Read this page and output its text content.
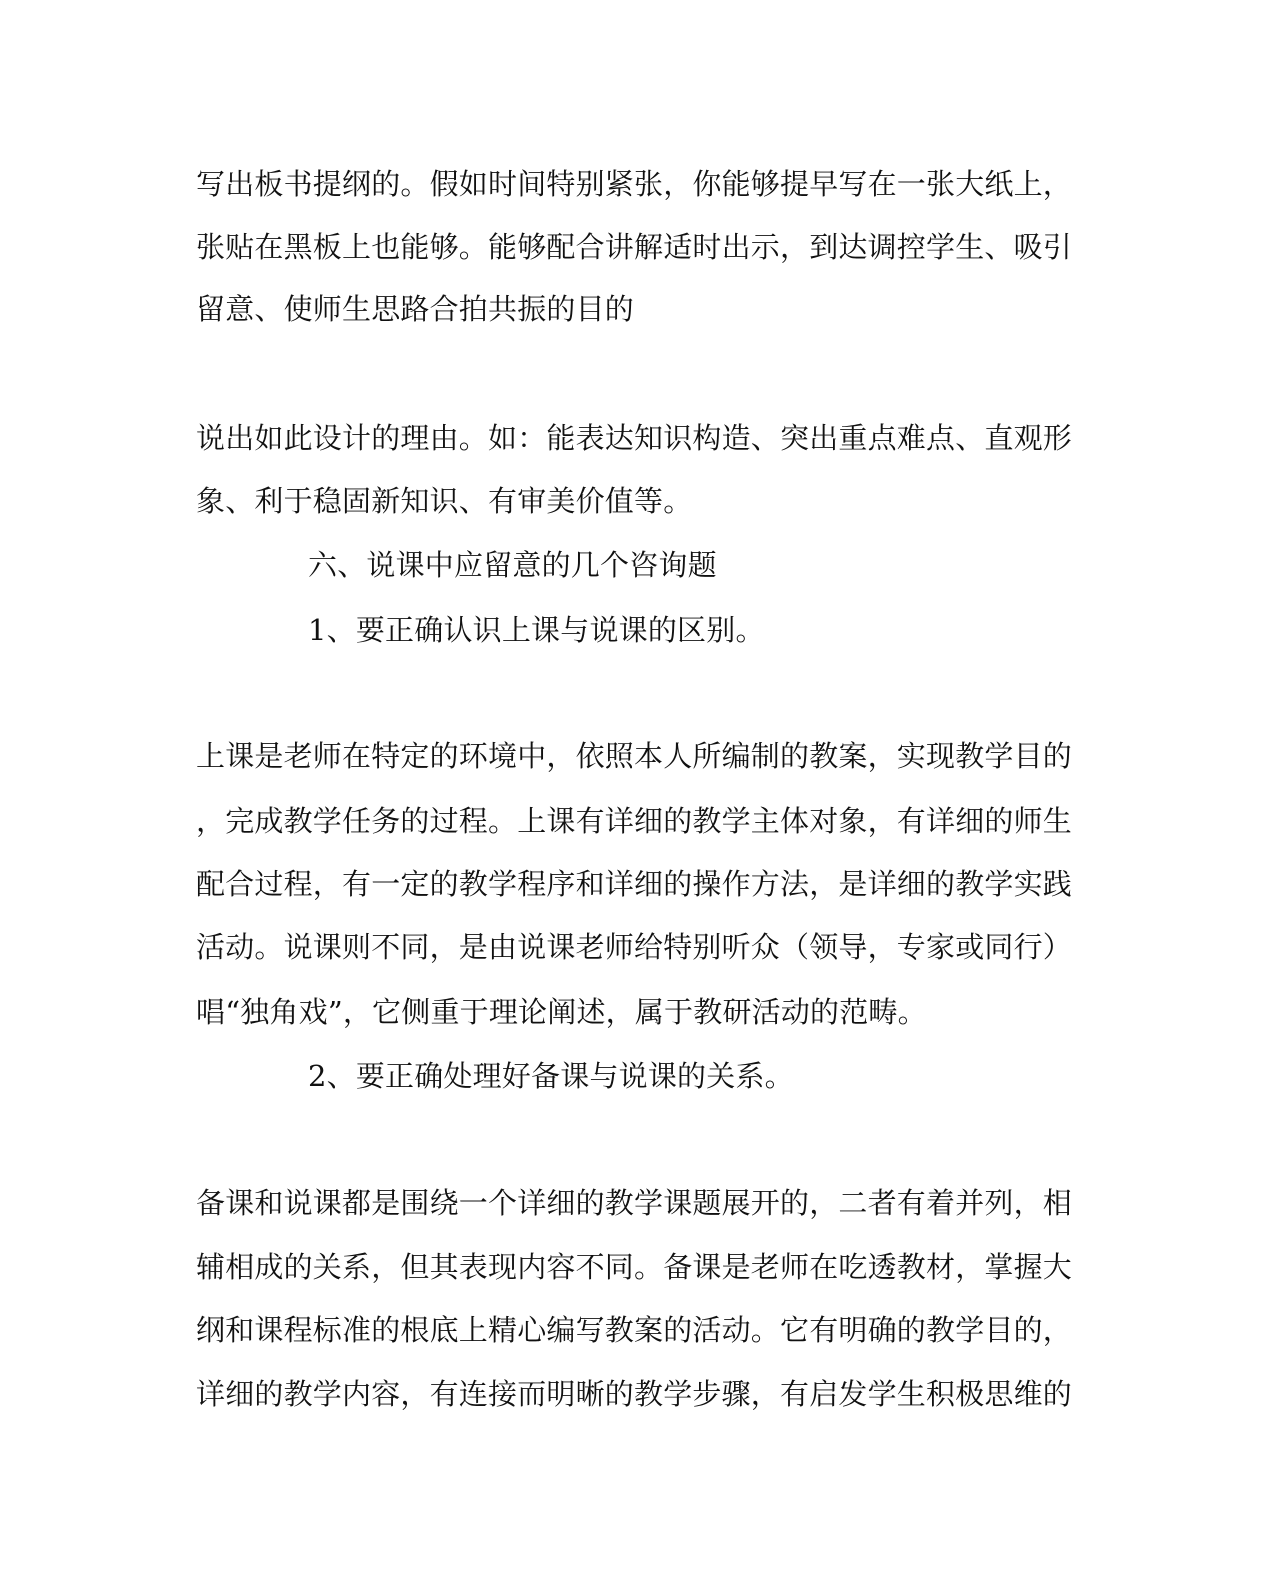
写出板书提纲的。假如时间特别紧张，你能够提早写在一张大纸上，
张贴在黑板上也能够。能够配合讲解适时出示，到达调控学生、吸引
留意、使师生思路合拍共振的目的
说出如此设计的理由。如：能表达知识构造、突出重点难点、直观形
象、利于稳固新知识、有审美价值等。
六、说课中应留意的几个咨询题
1、要正确认识上课与说课的区别。
上课是老师在特定的环境中，依照本人所编制的教案，实现教学目的
，完成教学任务的过程。上课有详细的教学主体对象，有详细的师生
配合过程，有一定的教学程序和详细的操作方法，是详细的教学实践
活动。说课则不同，是由说课老师给特别听众（领导，专家或同行）
唱“独角戏”，它侧重于理论阐述，属于教研活动的范畴。
2、要正确处理好备课与说课的关系。
备课和说课都是围绕一个详细的教学课题展开的，二者有着并列，相
辅相成的关系，但其表现内容不同。备课是老师在吃透教材，掌握大
纲和课程标准的根底上精心编写教案的活动。它有明确的教学目的，
详细的教学内容，有连接而明晰的教学步骤，有启发学生积极思维的
